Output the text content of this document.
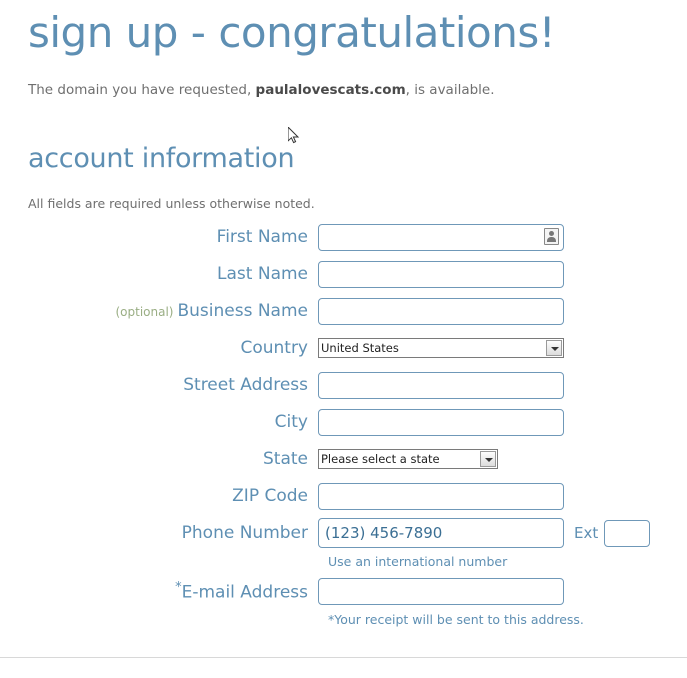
sign up - congratulations!
The domain you have requested, paulalovescats.com, is available.
account information
All fields are required unless otherwise noted.
First Name
Last Name
(optional) Business Name
Country
United States
Street Address
City
State
Please select a state
ZIP Code
Phone Number
(123) 456-7890	Ext
Use an international number
*E-mail Address
*Your receipt will be sent to this address.
